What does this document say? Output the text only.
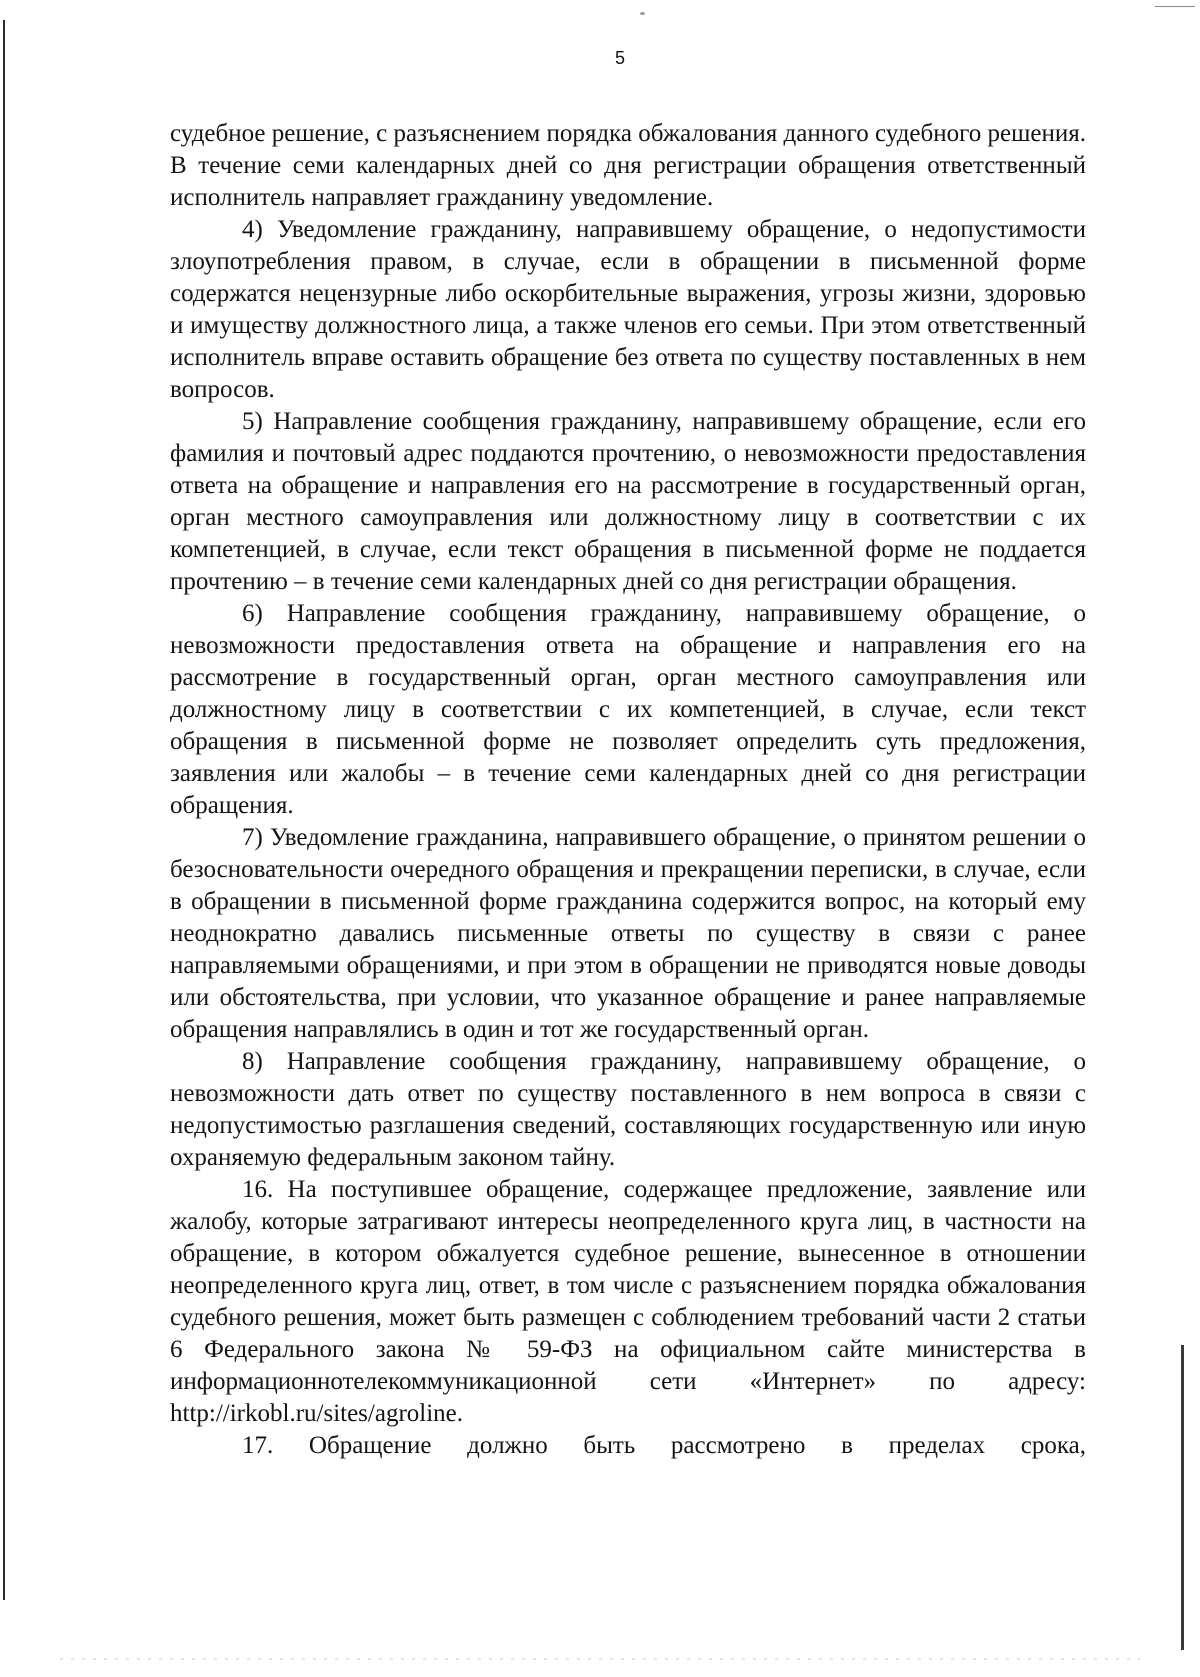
5

судебное решение, с разъяснением порядка обжалования данного судебного решения. В течение семи календарных дней со дня регистрации обращения ответственный исполнитель направляет гражданину уведомление.

4) Уведомление гражданину, направившему обращение, о недопустимости злоупотребления правом, в случае, если в обращении в письменной форме содержатся нецензурные либо оскорбительные выражения, угрозы жизни, здоровью и имуществу должностного лица, а также членов его семьи. При этом ответственный исполнитель вправе оставить обращение без ответа по существу поставленных в нем вопросов.

5) Направление сообщения гражданину, направившему обращение, если его фамилия и почтовый адрес поддаются прочтению, о невозможности предоставления ответа на обращение и направления его на рассмотрение в государственный орган, орган местного самоуправления или должностному лицу в соответствии с их компетенцией, в случае, если текст обращения в письменной форме не поддается прочтению – в течение семи календарных дней со дня регистрации обращения.

6) Направление сообщения гражданину, направившему обращение, о невозможности предоставления ответа на обращение и направления его на рассмотрение в государственный орган, орган местного самоуправления или должностному лицу в соответствии с их компетенцией, в случае, если текст обращения в письменной форме не позволяет определить суть предложения, заявления или жалобы – в течение семи календарных дней со дня регистрации обращения.

7) Уведомление гражданина, направившего обращение, о принятом решении о безосновательности очередного обращения и прекращении переписки, в случае, если в обращении в письменной форме гражданина содержится вопрос, на который ему неоднократно давались письменные ответы по существу в связи с ранее направляемыми обращениями, и при этом в обращении не приводятся новые доводы или обстоятельства, при условии, что указанное обращение и ранее направляемые обращения направлялись в один и тот же государственный орган.

8) Направление сообщения гражданину, направившему обращение, о невозможности дать ответ по существу поставленного в нем вопроса в связи с недопустимостью разглашения сведений, составляющих государственную или иную охраняемую федеральным законом тайну.

16. На поступившее обращение, содержащее предложение, заявление или жалобу, которые затрагивают интересы неопределенного круга лиц, в частности на обращение, в котором обжалуется судебное решение, вынесенное в отношении неопределенного круга лиц, ответ, в том числе с разъяснением порядка обжалования судебного решения, может быть размещен с соблюдением требований части 2 статьи 6 Федерального закона № 59-ФЗ на официальном сайте министерства в информационнотелекоммуникационной сети «Интернет» по адресу: http://irkobl.ru/sites/agroline.

17. Обращение должно быть рассмотрено в пределах срока,
